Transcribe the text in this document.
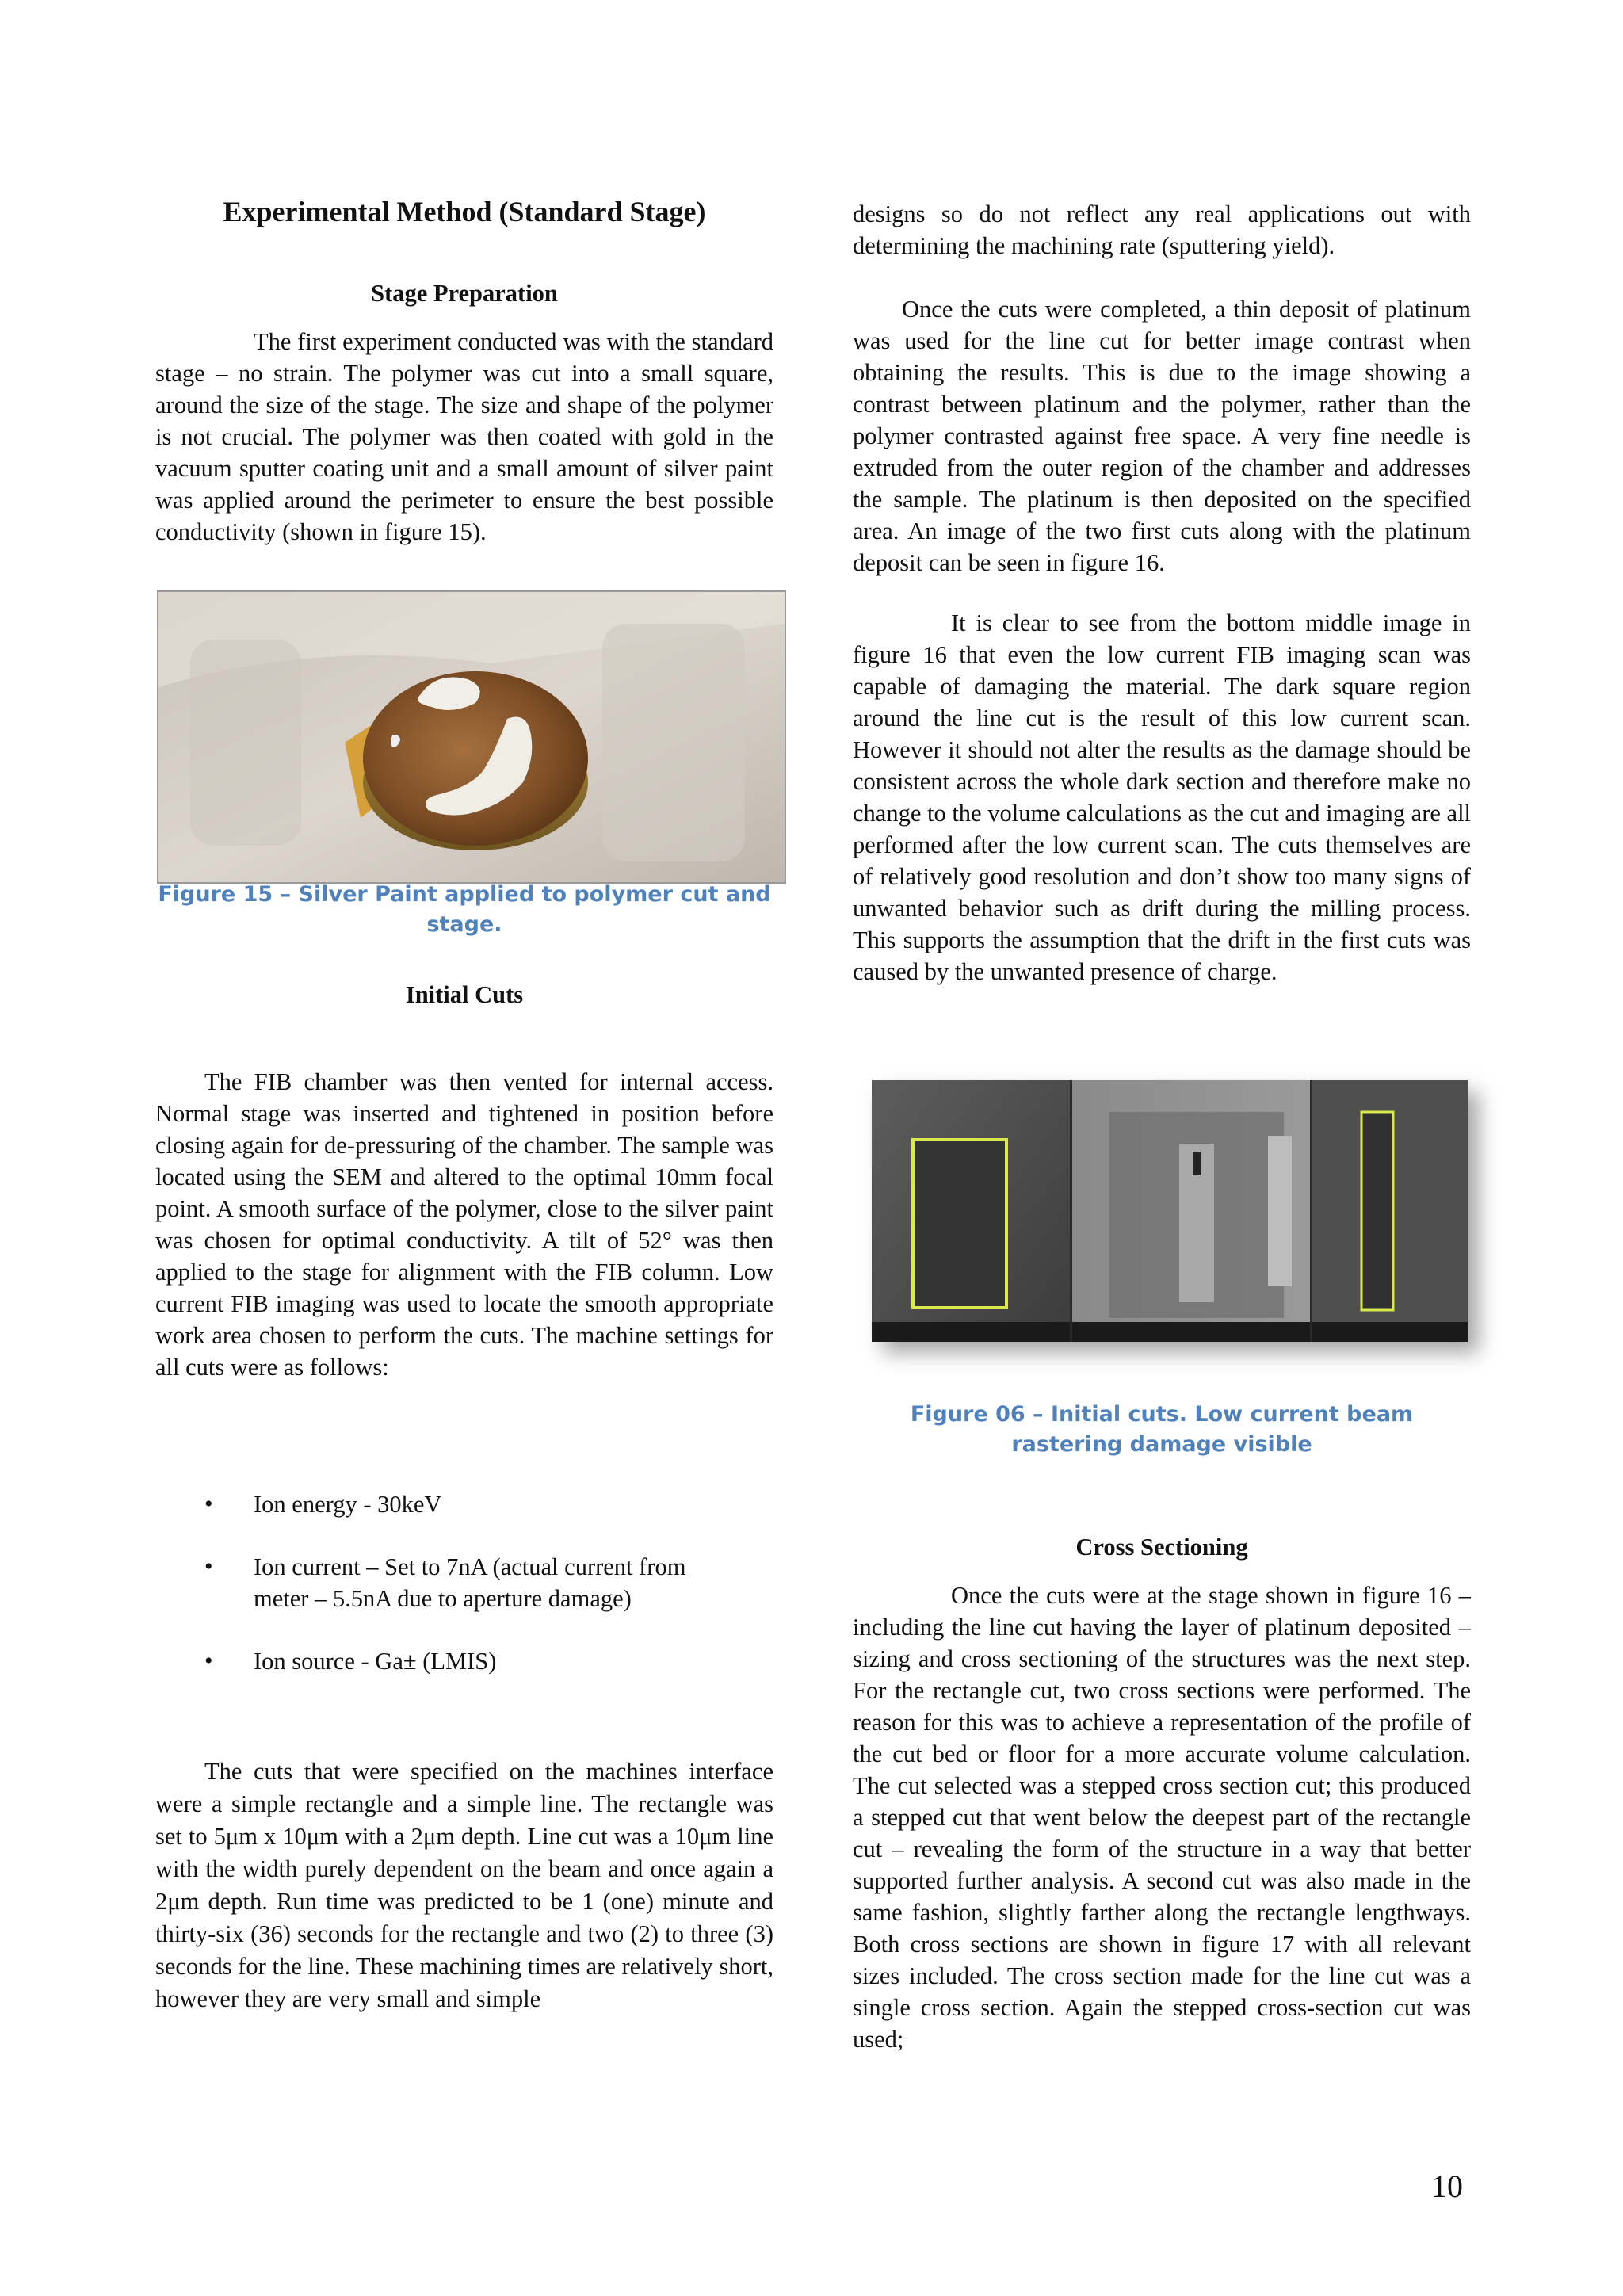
Experimental Method (Standard Stage)
Stage Preparation
The first experiment conducted was with the standard stage – no strain. The polymer was cut into a small square, around the size of the stage. The size and shape of the polymer is not crucial. The polymer was then coated with gold in the vacuum sputter coating unit and a small amount of silver paint was applied around the perimeter to ensure the best possible conductivity (shown in figure 15).
Figure 15 – Silver Paint applied to polymer cut and
stage.
Initial Cuts
The FIB chamber was then vented for internal access. Normal stage was inserted and tightened in position before closing again for de-pressuring of the chamber. The sample was located using the SEM and altered to the optimal 10mm focal point. A smooth surface of the polymer, close to the silver paint was chosen for optimal conductivity. A tilt of 52° was then applied to the stage for alignment with the FIB column. Low current FIB imaging was used to locate the smooth appropriate work area chosen to perform the cuts. The machine settings for all cuts were as follows:
• Ion energy - 30keV
• Ion current – Set to 7nA (actual current from
meter – 5.5nA due to aperture damage)
• Ion source - Ga± (LMIS)
The cuts that were specified on the machines interface were a simple rectangle and a simple line. The rectangle was set to 5μm x 10μm with a 2μm depth. Line cut was a 10μm line with the width purely dependent on the beam and once again a 2μm depth. Run time was predicted to be 1 (one) minute and thirty-six (36) seconds for the rectangle and two (2) to three (3) seconds for the line. These machining times are relatively short, however they are very small and simple
designs so do not reflect any real applications out with determining the machining rate (sputtering yield).
Once the cuts were completed, a thin deposit of platinum was used for the line cut for better image contrast when obtaining the results. This is due to the image showing a contrast between platinum and the polymer, rather than the polymer contrasted against free space. A very fine needle is extruded from the outer region of the chamber and addresses the sample. The platinum is then deposited on the specified area. An image of the two first cuts along with the platinum deposit can be seen in figure 16.
It is clear to see from the bottom middle image in figure 16 that even the low current FIB imaging scan was capable of damaging the material. The dark square region around the line cut is the result of this low current scan. However it should not alter the results as the damage should be consistent across the whole dark section and therefore make no change to the volume calculations as the cut and imaging are all performed after the low current scan. The cuts themselves are of relatively good resolution and don’t show too many signs of unwanted behavior such as drift during the milling process. This supports the assumption that the drift in the first cuts was caused by the unwanted presence of charge.
Figure 06 – Initial cuts. Low current beam
rastering damage visible
Cross Sectioning
Once the cuts were at the stage shown in figure 16 – including the line cut having the layer of platinum deposited – sizing and cross sectioning of the structures was the next step. For the rectangle cut, two cross sections were performed. The reason for this was to achieve a representation of the profile of the cut bed or floor for a more accurate volume calculation. The cut selected was a stepped cross section cut; this produced a stepped cut that went below the deepest part of the rectangle cut – revealing the form of the structure in a way that better supported further analysis. A second cut was also made in the same fashion, slightly farther along the rectangle lengthways. Both cross sections are shown in figure 17 with all relevant sizes included. The cross section made for the line cut was a single cross section. Again the stepped cross-section cut was used;
10
